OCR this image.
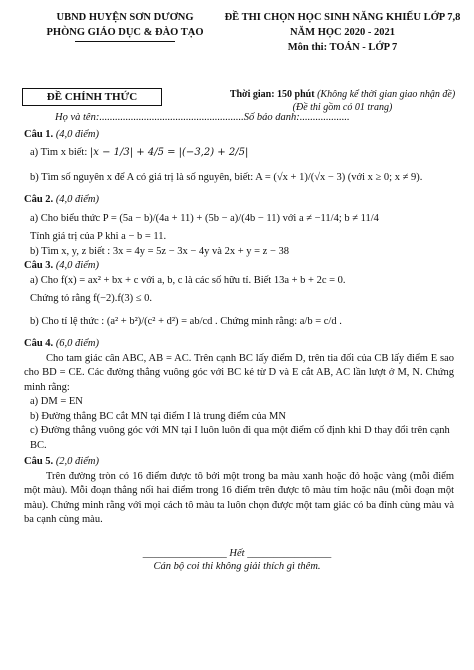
UBND HUYỆN SƠN DƯƠNG
PHÒNG GIÁO DỤC & ĐÀO TẠO
ĐỀ THI CHỌN HỌC SINH NĂNG KHIẾU LỚP 7,8
NĂM HỌC 2020 - 2021
Môn thi: TOÁN - LỚP 7
ĐỀ CHÍNH THỨC	Thời gian: 150 phút (Không kể thời gian giao nhận đề)
(Đề thi gồm có 01 trang)
Họ và tên:.......................................................Số báo danh:...................

Câu 1. (4,0 điểm)

a) Tìm x biết:
|x − 1/3| + 4/5 = |(−3,2) + 2/5|

b) Tìm số nguyên x để A có giá trị là số nguyên, biết: A = (√x + 1)/(√x − 3) (với x ≥ 0; x ≠ 9).

Câu 2. (4,0 điểm)

a) Cho biểu thức P = (5a − b)/(4a + 11) + (5b − a)/(4b − 11) với a ≠ −11/4; b ≠ 11/4

Tính giá trị của P khi a − b = 11.

b) Tìm x, y, z biết : 3x = 4y = 5z − 3x − 4y và 2x + y = z − 38

Câu 3. (4,0 điểm)

a) Cho f(x) = ax² + bx + c với a, b, c là các số hữu tỉ. Biết 13a + b + 2c = 0.

Chứng tỏ rằng f(−2).f(3) ≤ 0.

b) Cho tỉ lệ thức : (a² + b²)/(c² + d²) = ab/cd . Chứng minh rằng: a/b = c/d .

Câu 4. (6,0 điểm)

Cho tam giác cân ABC, AB = AC. Trên cạnh BC lấy điểm D, trên tia đối của CB lấy điểm E sao cho BD = CE. Các đường thẳng vuông góc với BC kẻ từ D và E cắt AB, AC lần lượt ở M, N. Chứng minh rằng:

a) DM = EN

b) Đường thẳng BC cắt MN tại điểm I là trung điểm của MN

c) Đường thẳng vuông góc với MN tại I luôn luôn đi qua một điểm cố định khi D thay đổi trên cạnh BC.

Câu 5. (2,0 điểm)

Trên đường tròn có 16 điểm được tô bởi một trong ba màu xanh hoặc đỏ hoặc vàng (mỗi điểm một màu). Mỗi đoạn thẳng nối hai điểm trong 16 điểm trên được tô màu tím hoặc nâu (mỗi đoạn một màu). Chứng minh rằng với mọi cách tô màu ta luôn chọn được một tam giác có ba đỉnh cùng màu và ba cạnh cùng màu.

________________ Hết ________________
Cán bộ coi thi không giải thích gì thêm.
